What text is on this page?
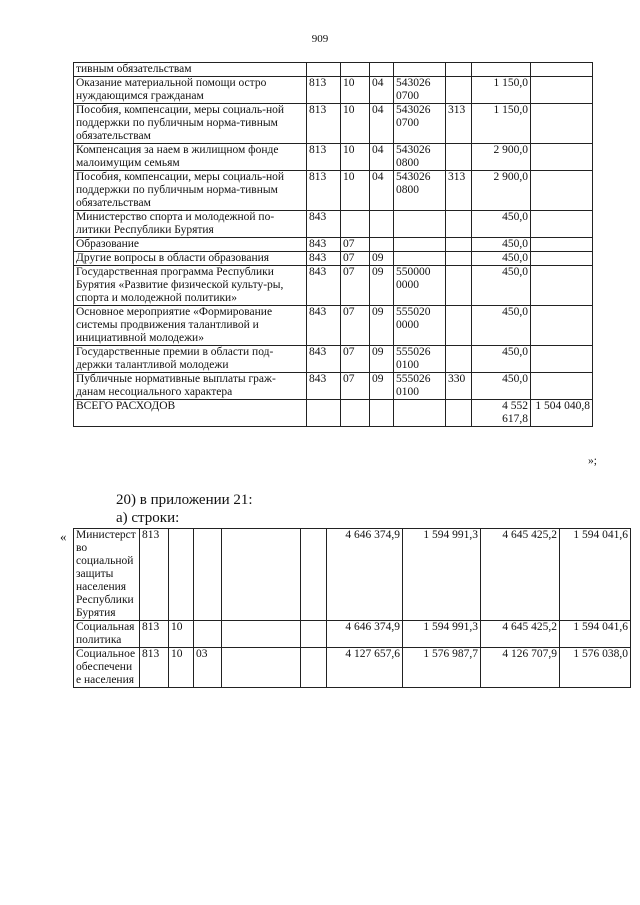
909
тивным обязательствам							
Оказание материальной помощи остро нуждающимся гражданам	813	10	04	543026 0700		1 150,0	
Пособия, компенсации, меры социаль-ной поддержки по публичным норма-тивным обязательствам	813	10	04	543026 0700	313	1 150,0	
Компенсация за наем в жилищном фонде малоимущим семьям	813	10	04	543026 0800		2 900,0	
Пособия, компенсации, меры социаль-ной поддержки по публичным норма-тивным обязательствам	813	10	04	543026 0800	313	2 900,0	
Министерство спорта и молодежной по-литики Республики Бурятия	843					450,0	
Образование	843	07				450,0	
Другие вопросы в области образования	843	07	09			450,0	
Государственная программа Республики Бурятия «Развитие физической культу-ры, спорта и молодежной политики»	843	07	09	550000 0000		450,0	
Основное мероприятие «Формирование системы продвижения талантливой и инициативной молодежи»	843	07	09	555020 0000		450,0	
Государственные премии в области под-держки талантливой молодежи	843	07	09	555026 0100		450,0	
Публичные нормативные выплаты граж-данам несоциального характера	843	07	09	555026 0100	330	450,0	
ВСЕГО РАСХОДОВ						4 552 617,8	1 504 040,8
»;
20) в приложении 21:
а) строки:
« Министерство социальной защиты населения Республики Бурятия	813					4 646 374,9	1 594 991,3	4 645 425,2	1 594 041,6
Социальная политика	813	10				4 646 374,9	1 594 991,3	4 645 425,2	1 594 041,6
Социальное обеспечение населения	813	10	03			4 127 657,6	1 576 987,7	4 126 707,9	1 576 038,0
